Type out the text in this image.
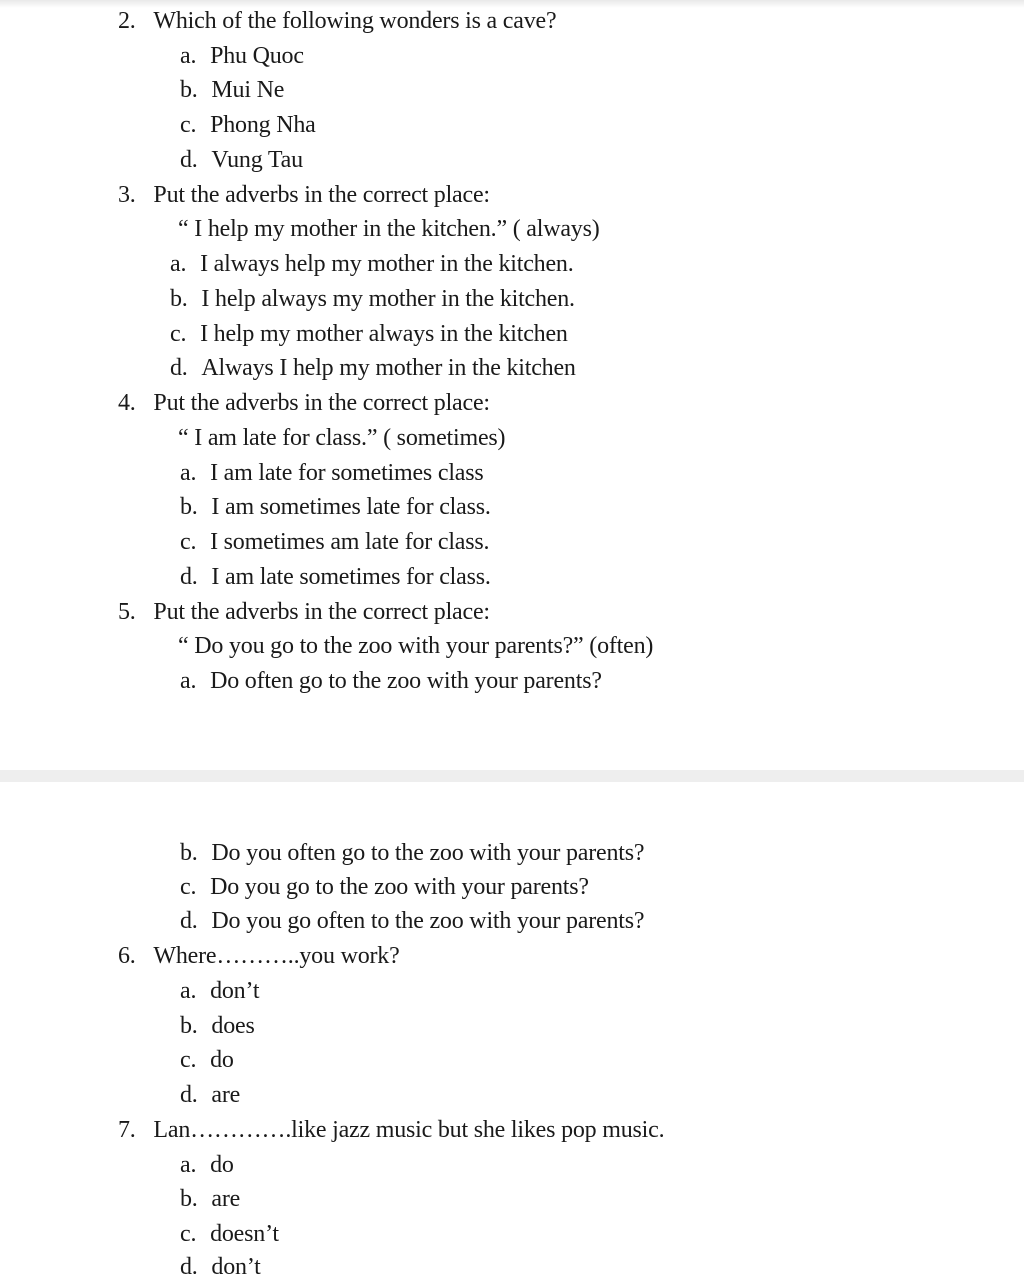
2. Which of the following wonders is a cave?
a. Phu Quoc
b. Mui Ne
c. Phong Nha
d. Vung Tau
3. Put the adverbs in the correct place:
“ I help my mother in the kitchen.” ( always)
a. I always help my mother in the kitchen.
b. I help always my mother in the kitchen.
c. I help my mother always in the kitchen
d. Always I help my mother in the kitchen
4. Put the adverbs in the correct place:
“ I am late for class.” ( sometimes)
a. I am late for sometimes class
b. I am sometimes late for class.
c. I sometimes am late for class.
d. I am late sometimes for class.
5. Put the adverbs in the correct place:
“ Do you go to the zoo with your parents?” (often)
a. Do often go to the zoo with your parents?
b. Do you often go to the zoo with your parents?
c. Do you go to the zoo with your parents?
d. Do you go often to the zoo with your parents?
6. Where………..you work?
a. don’t
b. does
c. do
d. are
7. Lan………….like jazz music but she likes pop music.
a. do
b. are
c. doesn’t
d. don’t
